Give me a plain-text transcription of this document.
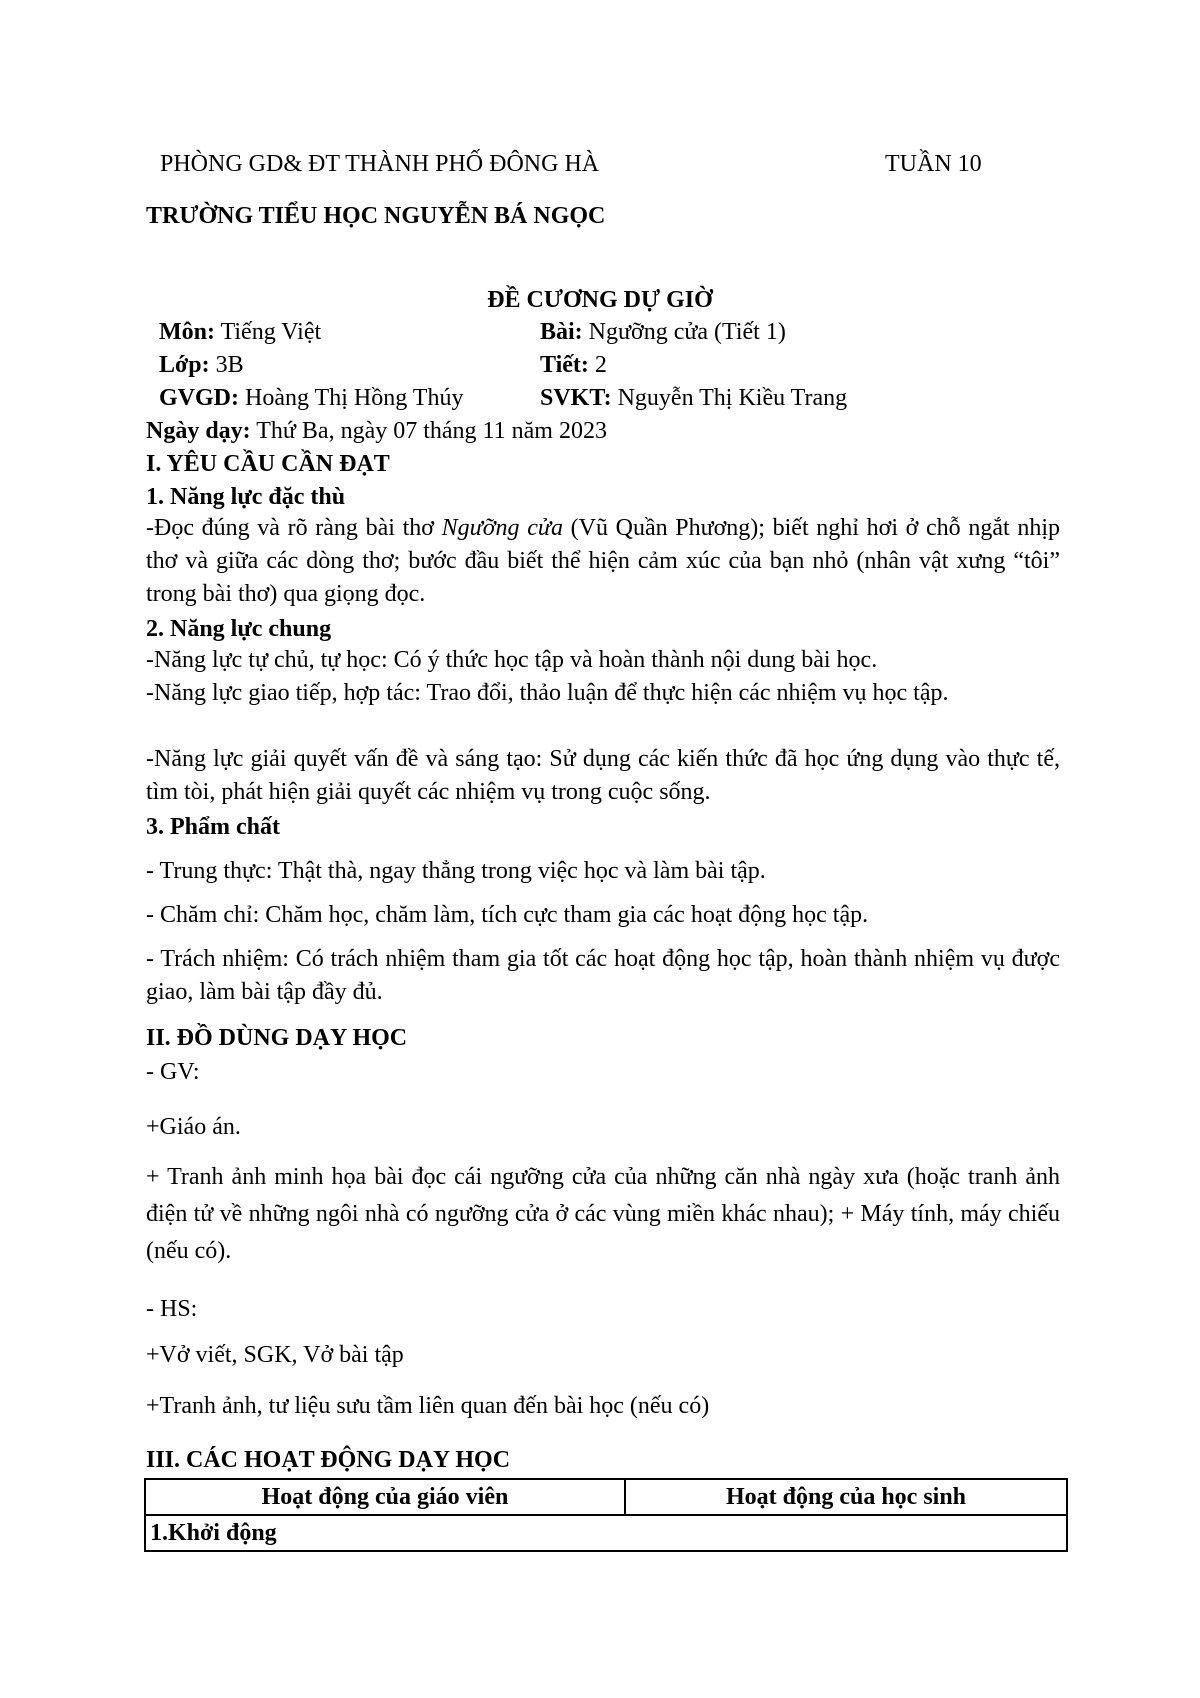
PHÒNG GD& ĐT THÀNH PHỐ ĐÔNG HÀ	TUẦN 10
TRƯỜNG TIỂU HỌC NGUYỄN BÁ NGỌC
ĐỀ CƯƠNG DỰ GIỜ
Môn: Tiếng Việt	Bài: Ngưỡng cửa (Tiết 1)
Lớp: 3B	Tiết: 2
GVGD: Hoàng Thị Hồng Thúy	SVKT: Nguyễn Thị Kiều Trang
Ngày dạy: Thứ Ba, ngày 07 tháng 11 năm 2023
I. YÊU CẦU CẦN ĐẠT
1. Năng lực đặc thù
-Đọc đúng và rõ ràng bài thơ Ngưỡng cửa (Vũ Quần Phương); biết nghỉ hơi ở chỗ ngắt nhịp thơ và giữa các dòng thơ; bước đầu biết thể hiện cảm xúc của bạn nhỏ (nhân vật xưng “tôi” trong bài thơ) qua giọng đọc.
2. Năng lực chung
-Năng lực tự chủ, tự học: Có ý thức học tập và hoàn thành nội dung bài học.
-Năng lực giao tiếp, hợp tác: Trao đổi, thảo luận để thực hiện các nhiệm vụ học tập.
-Năng lực giải quyết vấn đề và sáng tạo: Sử dụng các kiến thức đã học ứng dụng vào thực tế, tìm tòi, phát hiện giải quyết các nhiệm vụ trong cuộc sống.
3. Phẩm chất
- Trung thực: Thật thà, ngay thẳng trong việc học và làm bài tập.
- Chăm chỉ: Chăm học, chăm làm, tích cực tham gia các hoạt động học tập.
- Trách nhiệm: Có trách nhiệm tham gia tốt các hoạt động học tập, hoàn thành nhiệm vụ được giao, làm bài tập đầy đủ.
II. ĐỒ DÙNG DẠY HỌC
- GV:
+Giáo án.
+ Tranh ảnh minh họa bài đọc cái ngưỡng cửa của những căn nhà ngày xưa (hoặc tranh ảnh điện tử về những ngôi nhà có ngưỡng cửa ở các vùng miền khác nhau); + Máy tính, máy chiếu (nếu có).
- HS:
+Vở viết, SGK, Vở bài tập
+Tranh ảnh, tư liệu sưu tầm liên quan đến bài học (nếu có)
III. CÁC HOẠT ĐỘNG DẠY HỌC
Hoạt động của giáo viên	Hoạt động của học sinh
1.Khởi động
